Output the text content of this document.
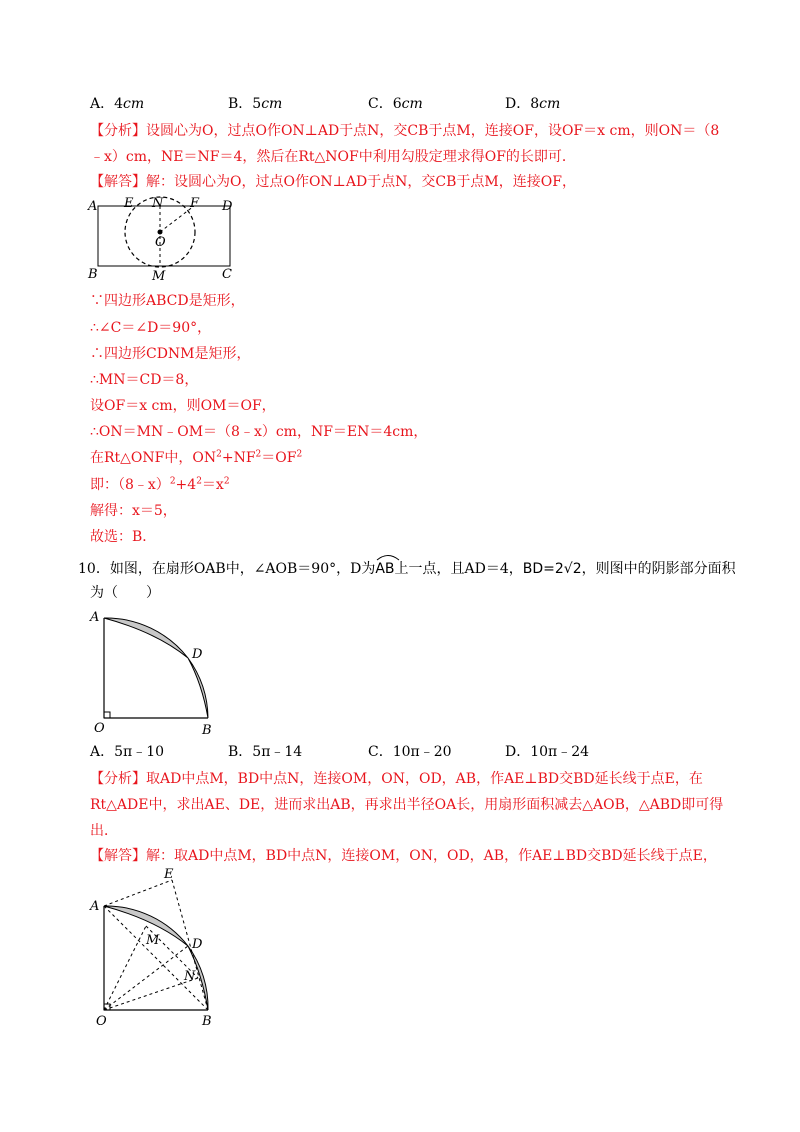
A．4cm	B．5cm	C．6cm	D．8cm
【分析】设圆心为O，过点O作ON⊥AD于点N，交CB于点M，连接OF，设OF＝x cm，则ON＝（8
﹣x）cm，NE＝NF＝4，然后在Rt△NOF中利用勾股定理求得OF的长即可．
【解答】解：设圆心为O，过点O作ON⊥AD于点N，交CB于点M，连接OF，
A E N F D
O
B	M	C
∵四边形ABCD是矩形，
∴∠C＝∠D＝90°，
∴四边形CDNM是矩形，
∴MN＝CD＝8，
设OF＝x cm，则OM＝OF，
∴ON＝MN﹣OM＝（8﹣x）cm，NF＝EN＝4cm，
在Rt△ONF中，$ON^2+NF^2=OF^2$
即：$(8﹣x)^2+4^2=x^2$
解得：x＝5，
故选：B．
10．如图，在扇形OAB中，∠AOB＝90°，D为
AB上一点，且AD＝4，BD=2√2，则图中的阴影部分面积
为（　　）
A
D
O	B
A．5π﹣10	B．5π﹣14	C．10π﹣20	D．10π﹣24
【分析】取AD中点M，BD中点N，连接OM，ON，OD，AB，作AE⊥BD交BD延长线于点E，在
Rt△ADE中，求出AE、DE，进而求出AB，再求出半径OA长，用扇形面积减去△AOB，△ABD即可得
出．
【解答】解：取AD中点M，BD中点N，连接OM，ON，OD，AB，作AE⊥BD交BD延长线于点E，
E
A
M	D
N
O	B
